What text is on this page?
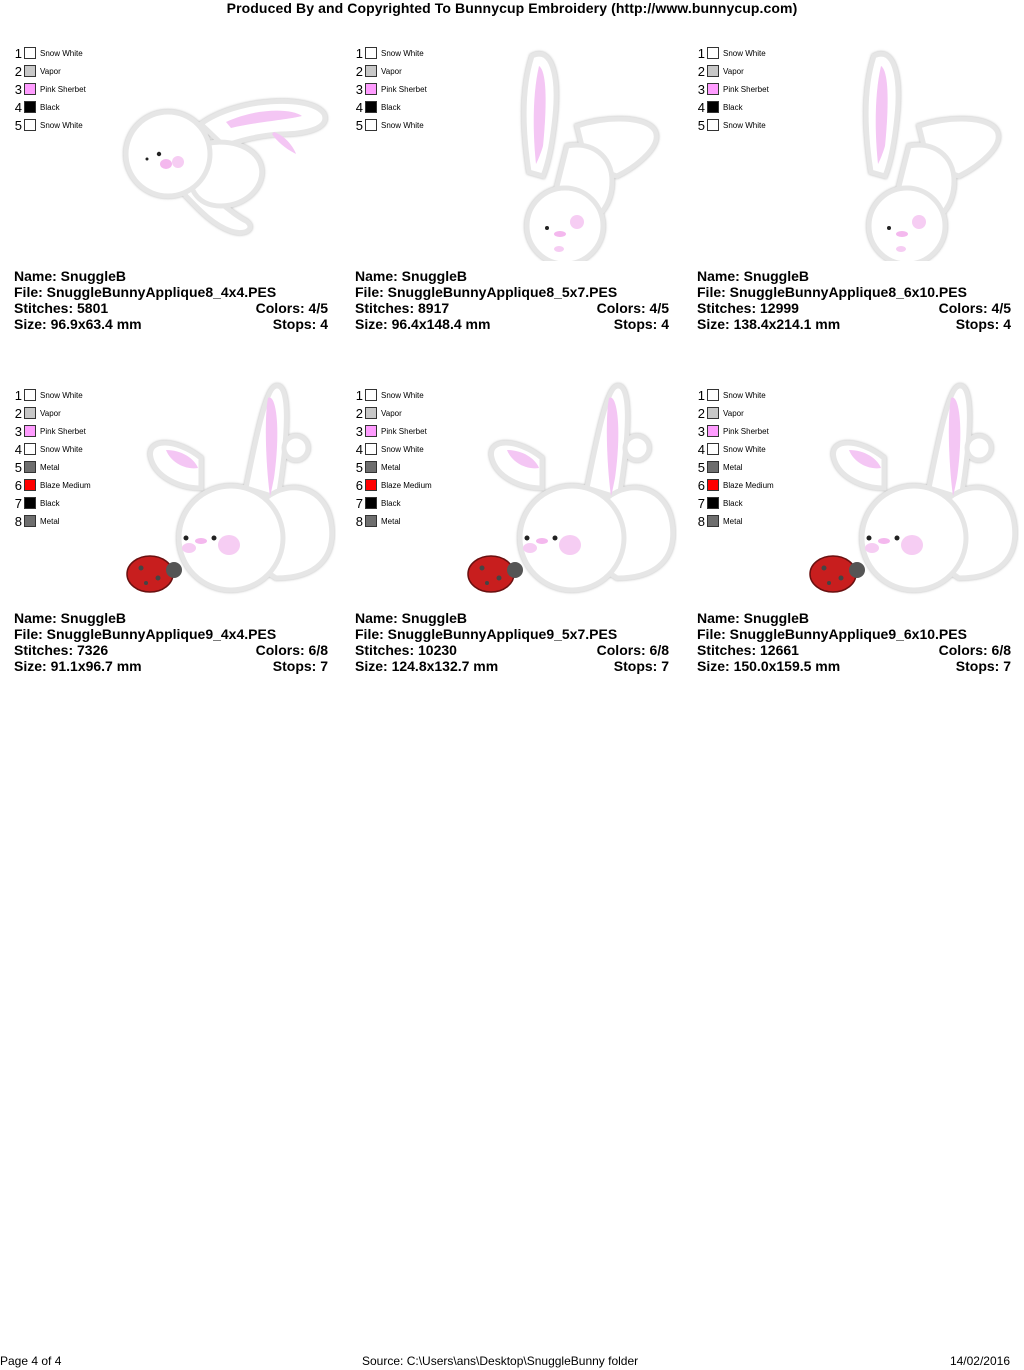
Produced By and Copyrighted To Bunnycup Embroidery (http://www.bunnycup.com)
1 Snow White
2 Vapor
3 Pink Sherbet
4 Black
5 Snow White
Name: SnuggleB
File: SnuggleBunnyApplique8_4x4.PES
Stitches: 5801	Colors: 4/5
Size: 96.9x63.4 mm	Stops: 4
1 Snow White
2 Vapor
3 Pink Sherbet
4 Black
5 Snow White
Name: SnuggleB
File: SnuggleBunnyApplique8_5x7.PES
Stitches: 8917	Colors: 4/5
Size: 96.4x148.4 mm	Stops: 4
1 Snow White
2 Vapor
3 Pink Sherbet
4 Black
5 Snow White
Name: SnuggleB
File: SnuggleBunnyApplique8_6x10.PES
Stitches: 12999	Colors: 4/5
Size: 138.4x214.1 mm	Stops: 4
1 Snow White
2 Vapor
3 Pink Sherbet
4 Snow White
5 Metal
6 Blaze Medium
7 Black
8 Metal
Name: SnuggleB
File: SnuggleBunnyApplique9_4x4.PES
Stitches: 7326	Colors: 6/8
Size: 91.1x96.7 mm	Stops: 7
1 Snow White
2 Vapor
3 Pink Sherbet
4 Snow White
5 Metal
6 Blaze Medium
7 Black
8 Metal
Name: SnuggleB
File: SnuggleBunnyApplique9_5x7.PES
Stitches: 10230	Colors: 6/8
Size: 124.8x132.7 mm	Stops: 7
1 Snow White
2 Vapor
3 Pink Sherbet
4 Snow White
5 Metal
6 Blaze Medium
7 Black
8 Metal
Name: SnuggleB
File: SnuggleBunnyApplique9_6x10.PES
Stitches: 12661	Colors: 6/8
Size: 150.0x159.5 mm	Stops: 7
Page 4 of 4	Source: C:\Users\ans\Desktop\SnuggleBunny folder	14/02/2016
